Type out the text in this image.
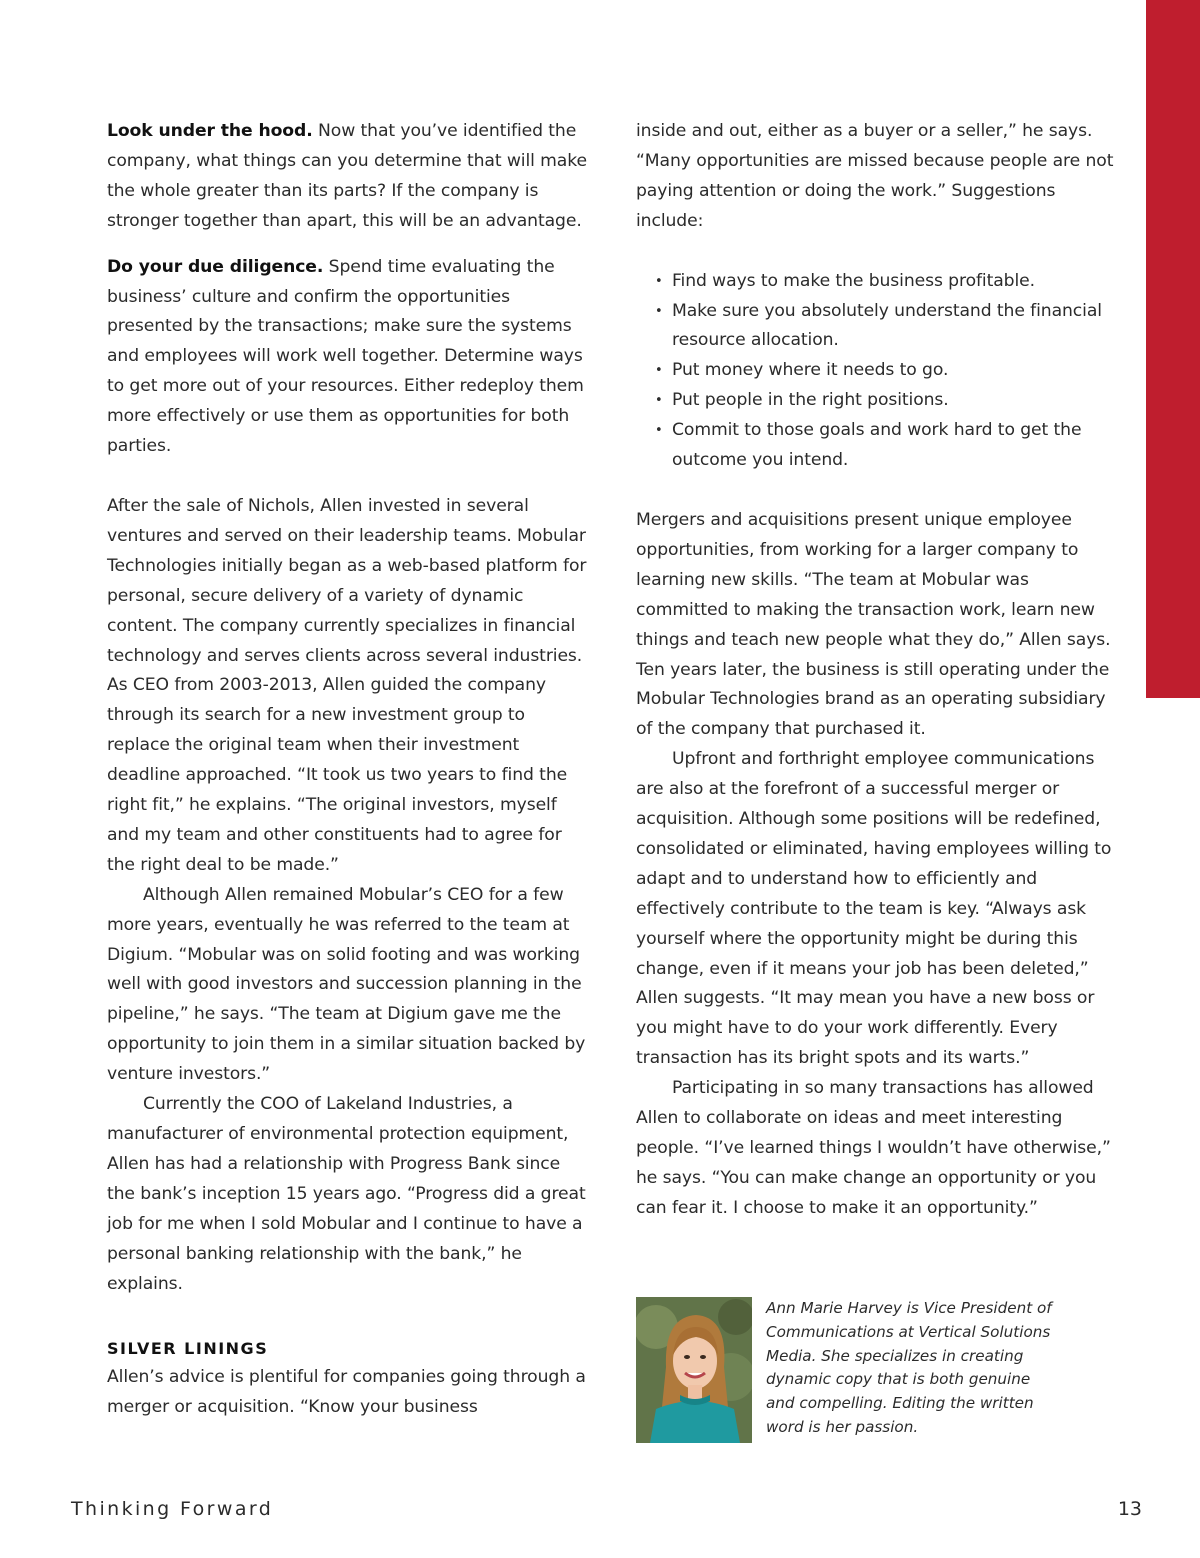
Look under the hood. Now that you’ve identified the company, what things can you determine that will make the whole greater than its parts? If the company is stronger together than apart, this will be an advantage.

Do your due diligence. Spend time evaluating the business’ culture and confirm the opportunities presented by the transactions; make sure the systems and employees will work well together. Determine ways to get more out of your resources. Either redeploy them more effectively or use them as opportunities for both parties.

After the sale of Nichols, Allen invested in several ventures and served on their leadership teams. Mobular Technologies initially began as a web-based platform for personal, secure delivery of a variety of dynamic content. The company currently specializes in financial technology and serves clients across several industries. As CEO from 2003-2013, Allen guided the company through its search for a new investment group to replace the original team when their investment deadline approached. “It took us two years to find the right fit,” he explains. “The original investors, myself and my team and other constituents had to agree for the right deal to be made.”

Although Allen remained Mobular’s CEO for a few more years, eventually he was referred to the team at Digium. “Mobular was on solid footing and was working well with good investors and succession planning in the pipeline,” he says. “The team at Digium gave me the opportunity to join them in a similar situation backed by venture investors.”

Currently the COO of Lakeland Industries, a manufacturer of environmental protection equipment, Allen has had a relationship with Progress Bank since the bank’s inception 15 years ago. “Progress did a great job for me when I sold Mobular and I continue to have a personal banking relationship with the bank,” he explains.

SILVER LININGS

Allen’s advice is plentiful for companies going through a merger or acquisition. “Know your business

inside and out, either as a buyer or a seller,” he says. “Many opportunities are missed because people are not paying attention or doing the work.” Suggestions include:

• Find ways to make the business profitable.
• Make sure you absolutely understand the financial resource allocation.
• Put money where it needs to go.
• Put people in the right positions.
• Commit to those goals and work hard to get the outcome you intend.

Mergers and acquisitions present unique employee opportunities, from working for a larger company to learning new skills. “The team at Mobular was committed to making the transaction work, learn new things and teach new people what they do,” Allen says. Ten years later, the business is still operating under the Mobular Technologies brand as an operating subsidiary of the company that purchased it.

Upfront and forthright employee communications are also at the forefront of a successful merger or acquisition. Although some positions will be redefined, consolidated or eliminated, having employees willing to adapt and to understand how to efficiently and effectively contribute to the team is key. “Always ask yourself where the opportunity might be during this change, even if it means your job has been deleted,” Allen suggests. “It may mean you have a new boss or you might have to do your work differently. Every transaction has its bright spots and its warts.”

Participating in so many transactions has allowed Allen to collaborate on ideas and meet interesting people. “I’ve learned things I wouldn’t have otherwise,” he says. “You can make change an opportunity or you can fear it. I choose to make it an opportunity.”

Ann Marie Harvey is Vice President of Communications at Vertical Solutions Media. She specializes in creating dynamic copy that is both genuine and compelling. Editing the written word is her passion.
Thinking Forward	13
